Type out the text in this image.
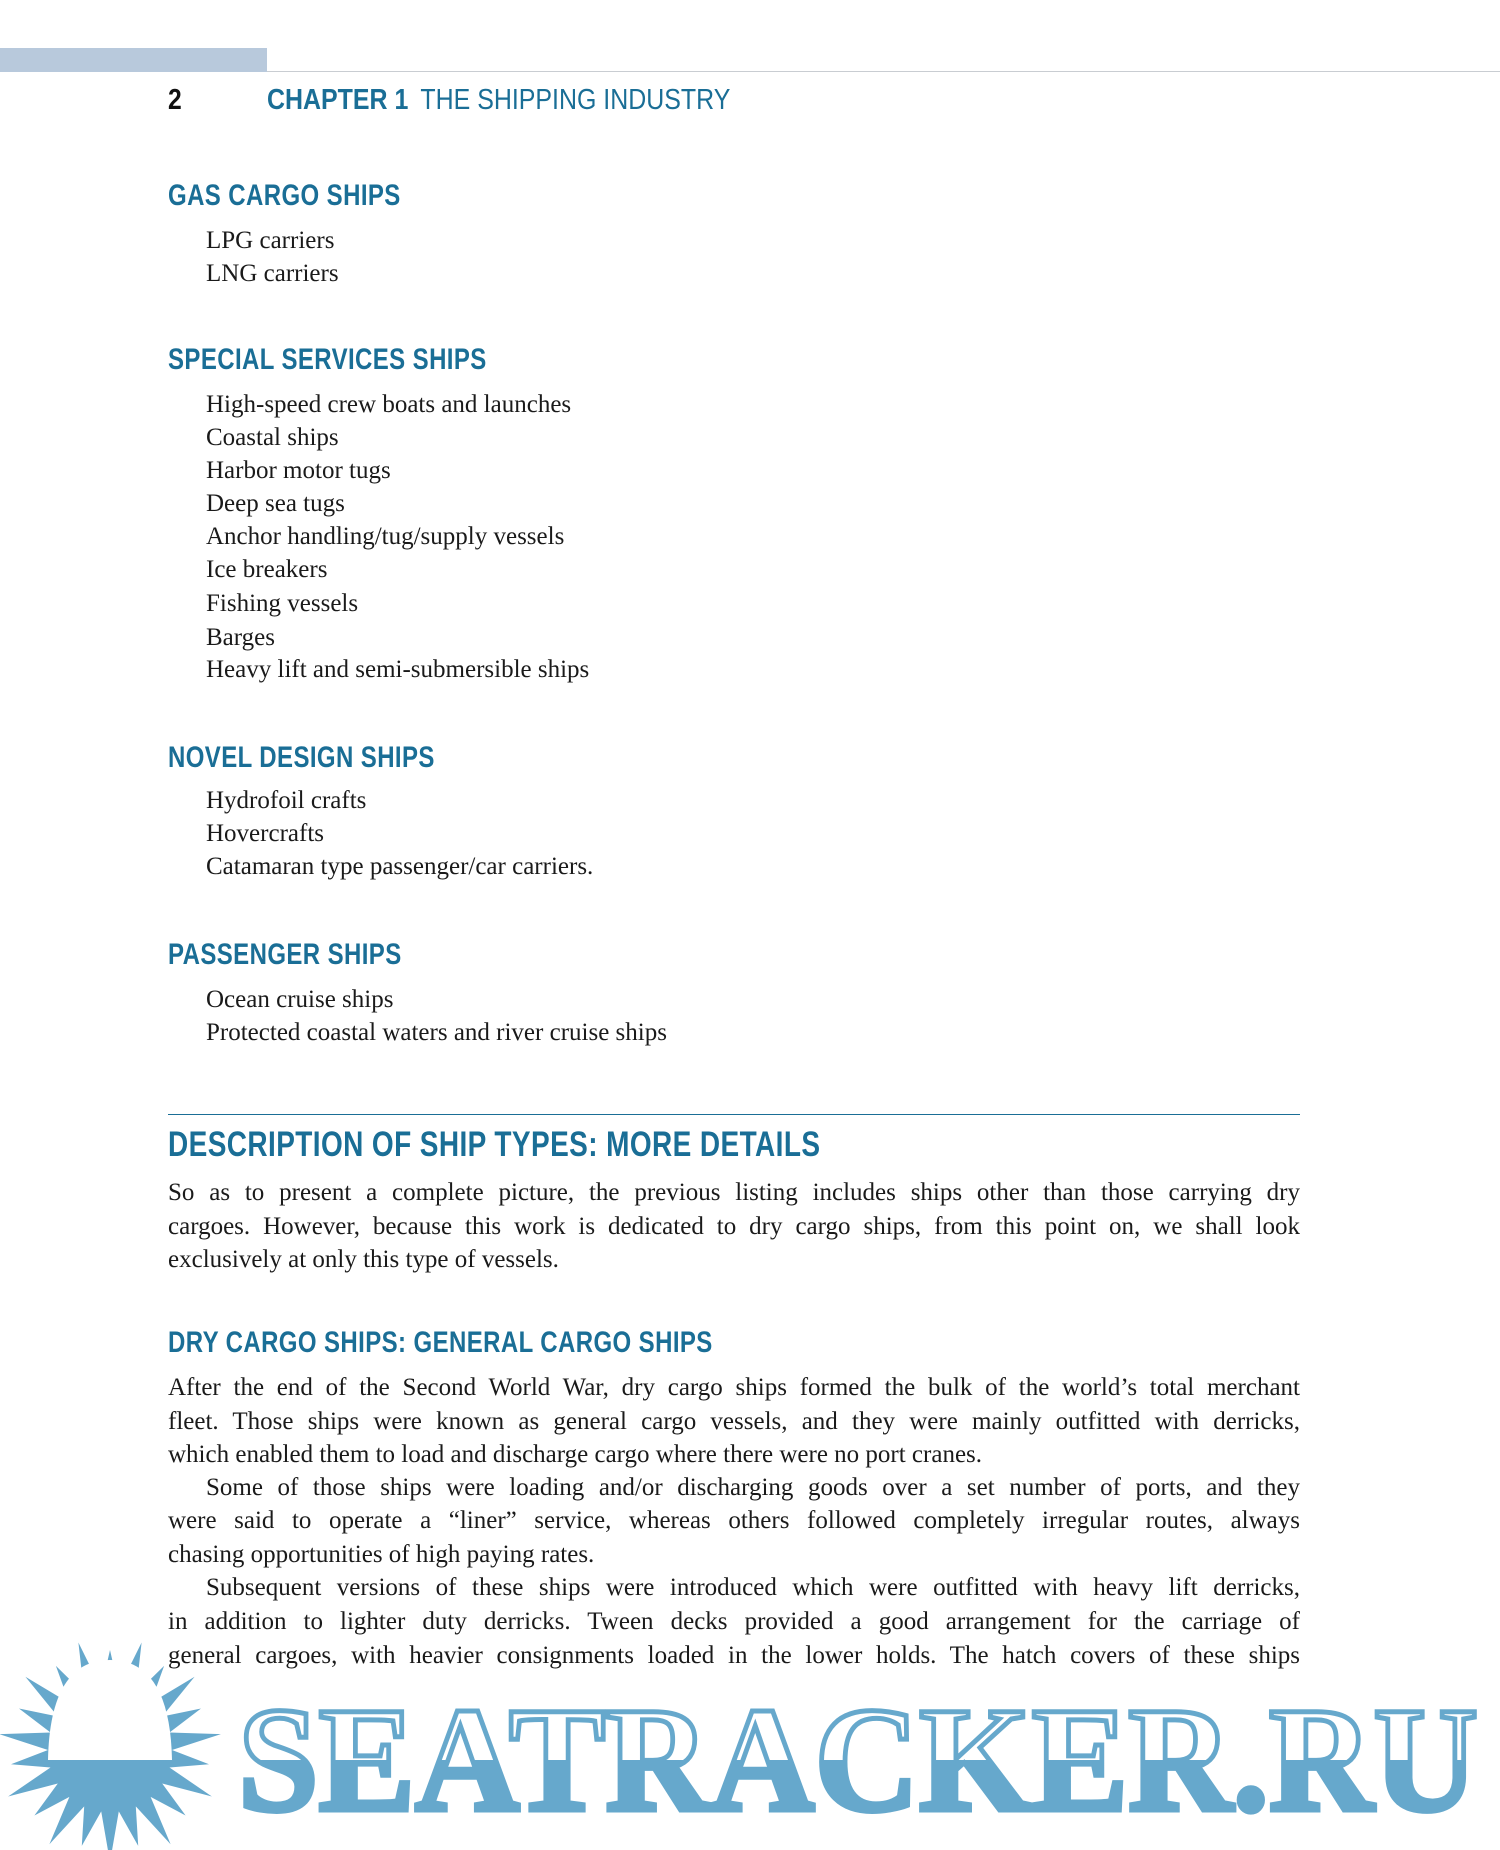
2	CHAPTER 1 THE SHIPPING INDUSTRY
GAS CARGO SHIPS
LPG carriers
LNG carriers
SPECIAL SERVICES SHIPS
High-speed crew boats and launches
Coastal ships
Harbor motor tugs
Deep sea tugs
Anchor handling/tug/supply vessels
Ice breakers
Fishing vessels
Barges
Heavy lift and semi-submersible ships
NOVEL DESIGN SHIPS
Hydrofoil crafts
Hovercrafts
Catamaran type passenger/car carriers.
PASSENGER SHIPS
Ocean cruise ships
Protected coastal waters and river cruise ships
DESCRIPTION OF SHIP TYPES: MORE DETAILS
So as to present a complete picture, the previous listing includes ships other than those carrying dry
cargoes. However, because this work is dedicated to dry cargo ships, from this point on, we shall look
exclusively at only this type of vessels.
DRY CARGO SHIPS: GENERAL CARGO SHIPS
After the end of the Second World War, dry cargo ships formed the bulk of the world’s total merchant
fleet. Those ships were known as general cargo vessels, and they were mainly outfitted with derricks,
which enabled them to load and discharge cargo where there were no port cranes.
Some of those ships were loading and/or discharging goods over a set number of ports, and they
were said to operate a “liner” service, whereas others followed completely irregular routes, always
chasing opportunities of high paying rates.
Subsequent versions of these ships were introduced which were outfitted with heavy lift derricks,
in addition to lighter duty derricks. Tween decks provided a good arrangement for the carriage of
general cargoes, with heavier consignments loaded in the lower holds. The hatch covers of these ships
SEATRACKER.RU
